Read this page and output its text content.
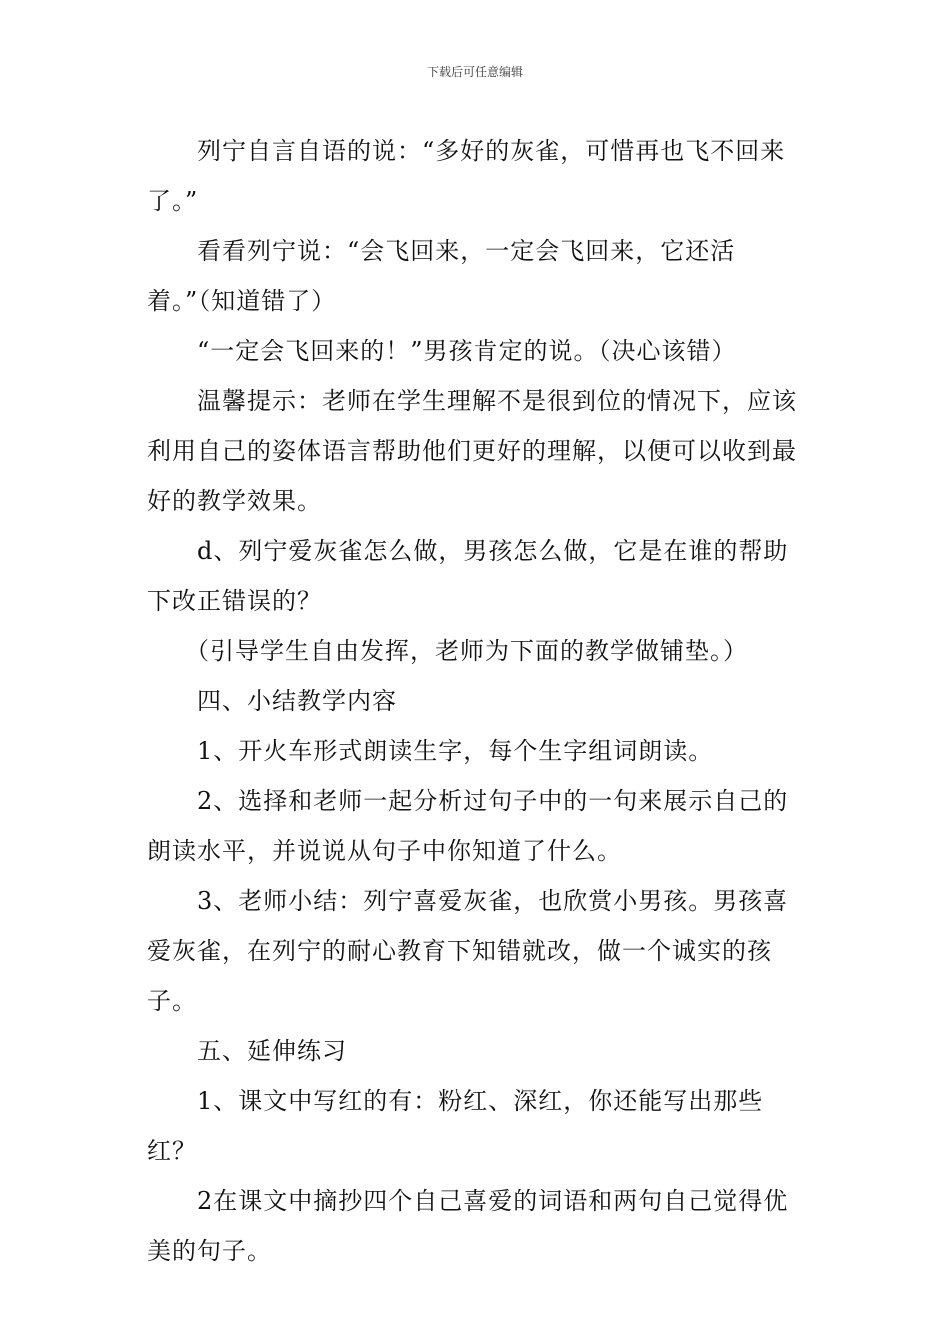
下载后可任意编辑

列宁自言自语的说：“多好的灰雀，可惜再也飞不回来了。”

看看列宁说：“会飞回来，一定会飞回来，它还活着。”（知道错了）

“一定会飞回来的！”男孩肯定的说。（决心该错）

温馨提示：老师在学生理解不是很到位的情况下，应该利用自己的姿体语言帮助他们更好的理解，以便可以收到最好的教学效果。

d、列宁爱灰雀怎么做，男孩怎么做，它是在谁的帮助下改正错误的？

（引导学生自由发挥，老师为下面的教学做铺垫。）

四、小结教学内容

1、开火车形式朗读生字，每个生字组词朗读。

2、选择和老师一起分析过句子中的一句来展示自己的朗读水平，并说说从句子中你知道了什么。

3、老师小结：列宁喜爱灰雀，也欣赏小男孩。男孩喜爱灰雀，在列宁的耐心教育下知错就改，做一个诚实的孩子。

五、延伸练习

1、课文中写红的有：粉红、深红，你还能写出那些红？

2在课文中摘抄四个自己喜爱的词语和两句自己觉得优美的句子。
